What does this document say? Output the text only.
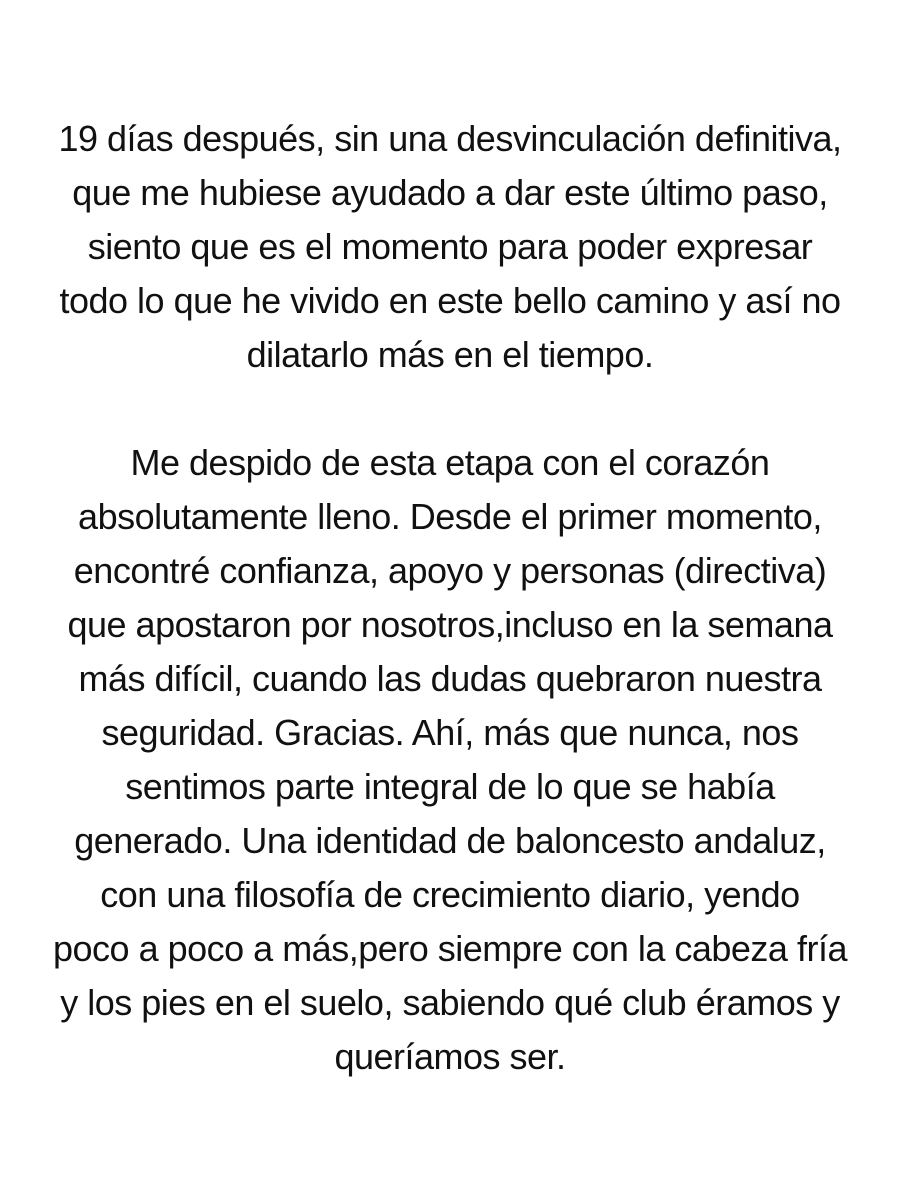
19 días después, sin una desvinculación definitiva,
que me hubiese ayudado a dar este último paso,
siento que es el momento para poder expresar
todo lo que he vivido en este bello camino y así no
dilatarlo más en el tiempo.

Me despido de esta etapa con el corazón
absolutamente lleno. Desde el primer momento,
encontré confianza, apoyo y personas (directiva)
que apostaron por nosotros,incluso en la semana
más difícil, cuando las dudas quebraron nuestra
seguridad. Gracias. Ahí, más que nunca, nos
sentimos parte integral de lo que se había
generado. Una identidad de baloncesto andaluz,
con una filosofía de crecimiento diario, yendo
poco a poco a más,pero siempre con la cabeza fría
y los pies en el suelo, sabiendo qué club éramos y
queríamos ser.
